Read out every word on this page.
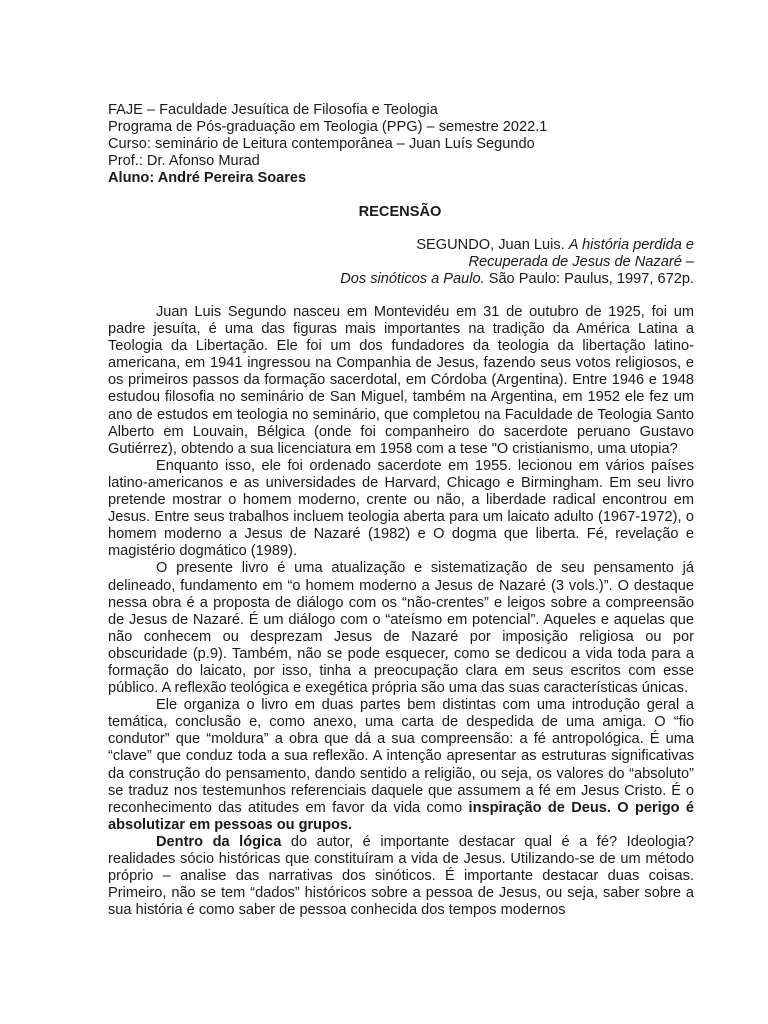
FAJE – Faculdade Jesuítica de Filosofia e Teologia
Programa de Pós-graduação em Teologia (PPG) – semestre 2022.1
Curso: seminário de Leitura contemporânea – Juan Luís Segundo
Prof.: Dr. Afonso Murad
Aluno: André Pereira Soares
RECENSÃO
SEGUNDO, Juan Luis. A história perdida e
Recuperada de Jesus de Nazaré –
Dos sinóticos a Paulo. São Paulo: Paulus, 1997, 672p.

Juan Luis Segundo nasceu em Montevidéu em 31 de outubro de 1925, foi um padre jesuíta, é uma das figuras mais importantes na tradição da América Latina a Teologia da Libertação. Ele foi um dos fundadores da teologia da libertação latino-americana, em 1941 ingressou na Companhia de Jesus, fazendo seus votos religiosos, e os primeiros passos da formação sacerdotal, em Córdoba (Argentina). Entre 1946 e 1948 estudou filosofia no seminário de San Miguel, também na Argentina, em 1952 ele fez um ano de estudos em teologia no seminário, que completou na Faculdade de Teologia Santo Alberto em Louvain, Bélgica (onde foi companheiro do sacerdote peruano Gustavo Gutiérrez), obtendo a sua licenciatura em 1958 com a tese "O cristianismo, uma utopia?

Enquanto isso, ele foi ordenado sacerdote em 1955. lecionou em vários países latino-americanos e as universidades de Harvard, Chicago e Birmingham. Em seu livro pretende mostrar o homem moderno, crente ou não, a liberdade radical encontrou em Jesus. Entre seus trabalhos incluem teologia aberta para um laicato adulto (1967-1972), o homem moderno a Jesus de Nazaré (1982) e O dogma que liberta. Fé, revelação e magistério dogmático (1989).

O presente livro é uma atualização e sistematização de seu pensamento já delineado, fundamento em “o homem moderno a Jesus de Nazaré (3 vols.)”. O destaque nessa obra é a proposta de diálogo com os “não-crentes” e leigos sobre a compreensão de Jesus de Nazaré. É um diálogo com o “ateísmo em potencial”. Aqueles e aquelas que não conhecem ou desprezam Jesus de Nazaré por imposição religiosa ou por obscuridade (p.9). Também, não se pode esquecer, como se dedicou a vida toda para a formação do laicato, por isso, tinha a preocupação clara em seus escritos com esse público. A reflexão teológica e exegética própria são uma das suas características únicas.

Ele organiza o livro em duas partes bem distintas com uma introdução geral a temática, conclusão e, como anexo, uma carta de despedida de uma amiga. O “fio condutor” que “moldura” a obra que dá a sua compreensão: a fé antropológica. É uma “clave” que conduz toda a sua reflexão. A intenção apresentar as estruturas significativas da construção do pensamento, dando sentido a religião, ou seja, os valores do “absoluto” se traduz nos testemunhos referenciais daquele que assumem a fé em Jesus Cristo. É o reconhecimento das atitudes em favor da vida como inspiração de Deus. O perigo é absolutizar em pessoas ou grupos.

Dentro da lógica do autor, é importante destacar qual é a fé? Ideologia? realidades sócio históricas que constituíram a vida de Jesus. Utilizando-se de um método próprio – analise das narrativas dos sinóticos. É importante destacar duas coisas. Primeiro, não se tem “dados” históricos sobre a pessoa de Jesus, ou seja, saber sobre a sua história é como saber de pessoa conhecida dos tempos modernos
